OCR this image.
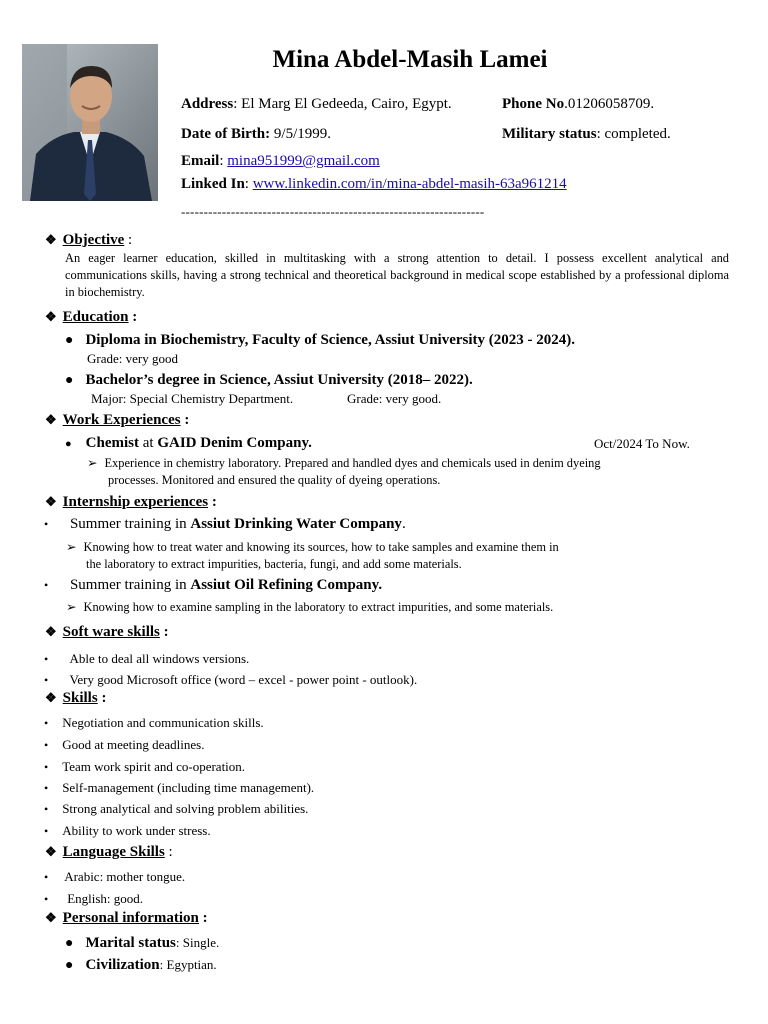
Mina Abdel-Masih Lamei
Address: El Marg El Gedeeda, Cairo, Egypt.	Phone No.01206058709.
Date of Birth: 9/5/1999.	Military status: completed.
Email: mina951999@gmail.com
Linked In: www.linkedin.com/in/mina-abdel-masih-63a961214
-------------------------------------------------------------------
❖ Objective :
An eager learner education, skilled in multitasking with a strong attention to detail. I possess excellent analytical and communications skills, having a strong technical and theoretical background in medical scope established by a professional diploma in biochemistry.
❖ Education :
● Diploma in Biochemistry, Faculty of Science, Assiut University (2023 - 2024).
Grade: very good
● Bachelor’s degree in Science, Assiut University (2018– 2022).
Major: Special Chemistry Department.	Grade: very good.
❖ Work Experiences :
● Chemist at GAID Denim Company.	Oct/2024 To Now.
➢ Experience in chemistry laboratory. Prepared and handled dyes and chemicals used in denim dyeing
processes. Monitored and ensured the quality of dyeing operations.
❖ Internship experiences :
• Summer training in Assiut Drinking Water Company.
➢ Knowing how to treat water and knowing its sources, how to take samples and examine them in
the laboratory to extract impurities, bacteria, fungi, and add some materials.
• Summer training in Assiut Oil Refining Company.
➢ Knowing how to examine sampling in the laboratory to extract impurities, and some materials.
❖ Soft ware skills :
• Able to deal all windows versions.
• Very good Microsoft office (word – excel - power point - outlook).
❖ Skills :
• Negotiation and communication skills.
• Good at meeting deadlines.
• Team work spirit and co-operation.
• Self-management (including time management).
• Strong analytical and solving problem abilities.
• Ability to work under stress.
❖ Language Skills :
• Arabic: mother tongue.
• English: good.
❖ Personal information :
● Marital status: Single.
● Civilization: Egyptian.
